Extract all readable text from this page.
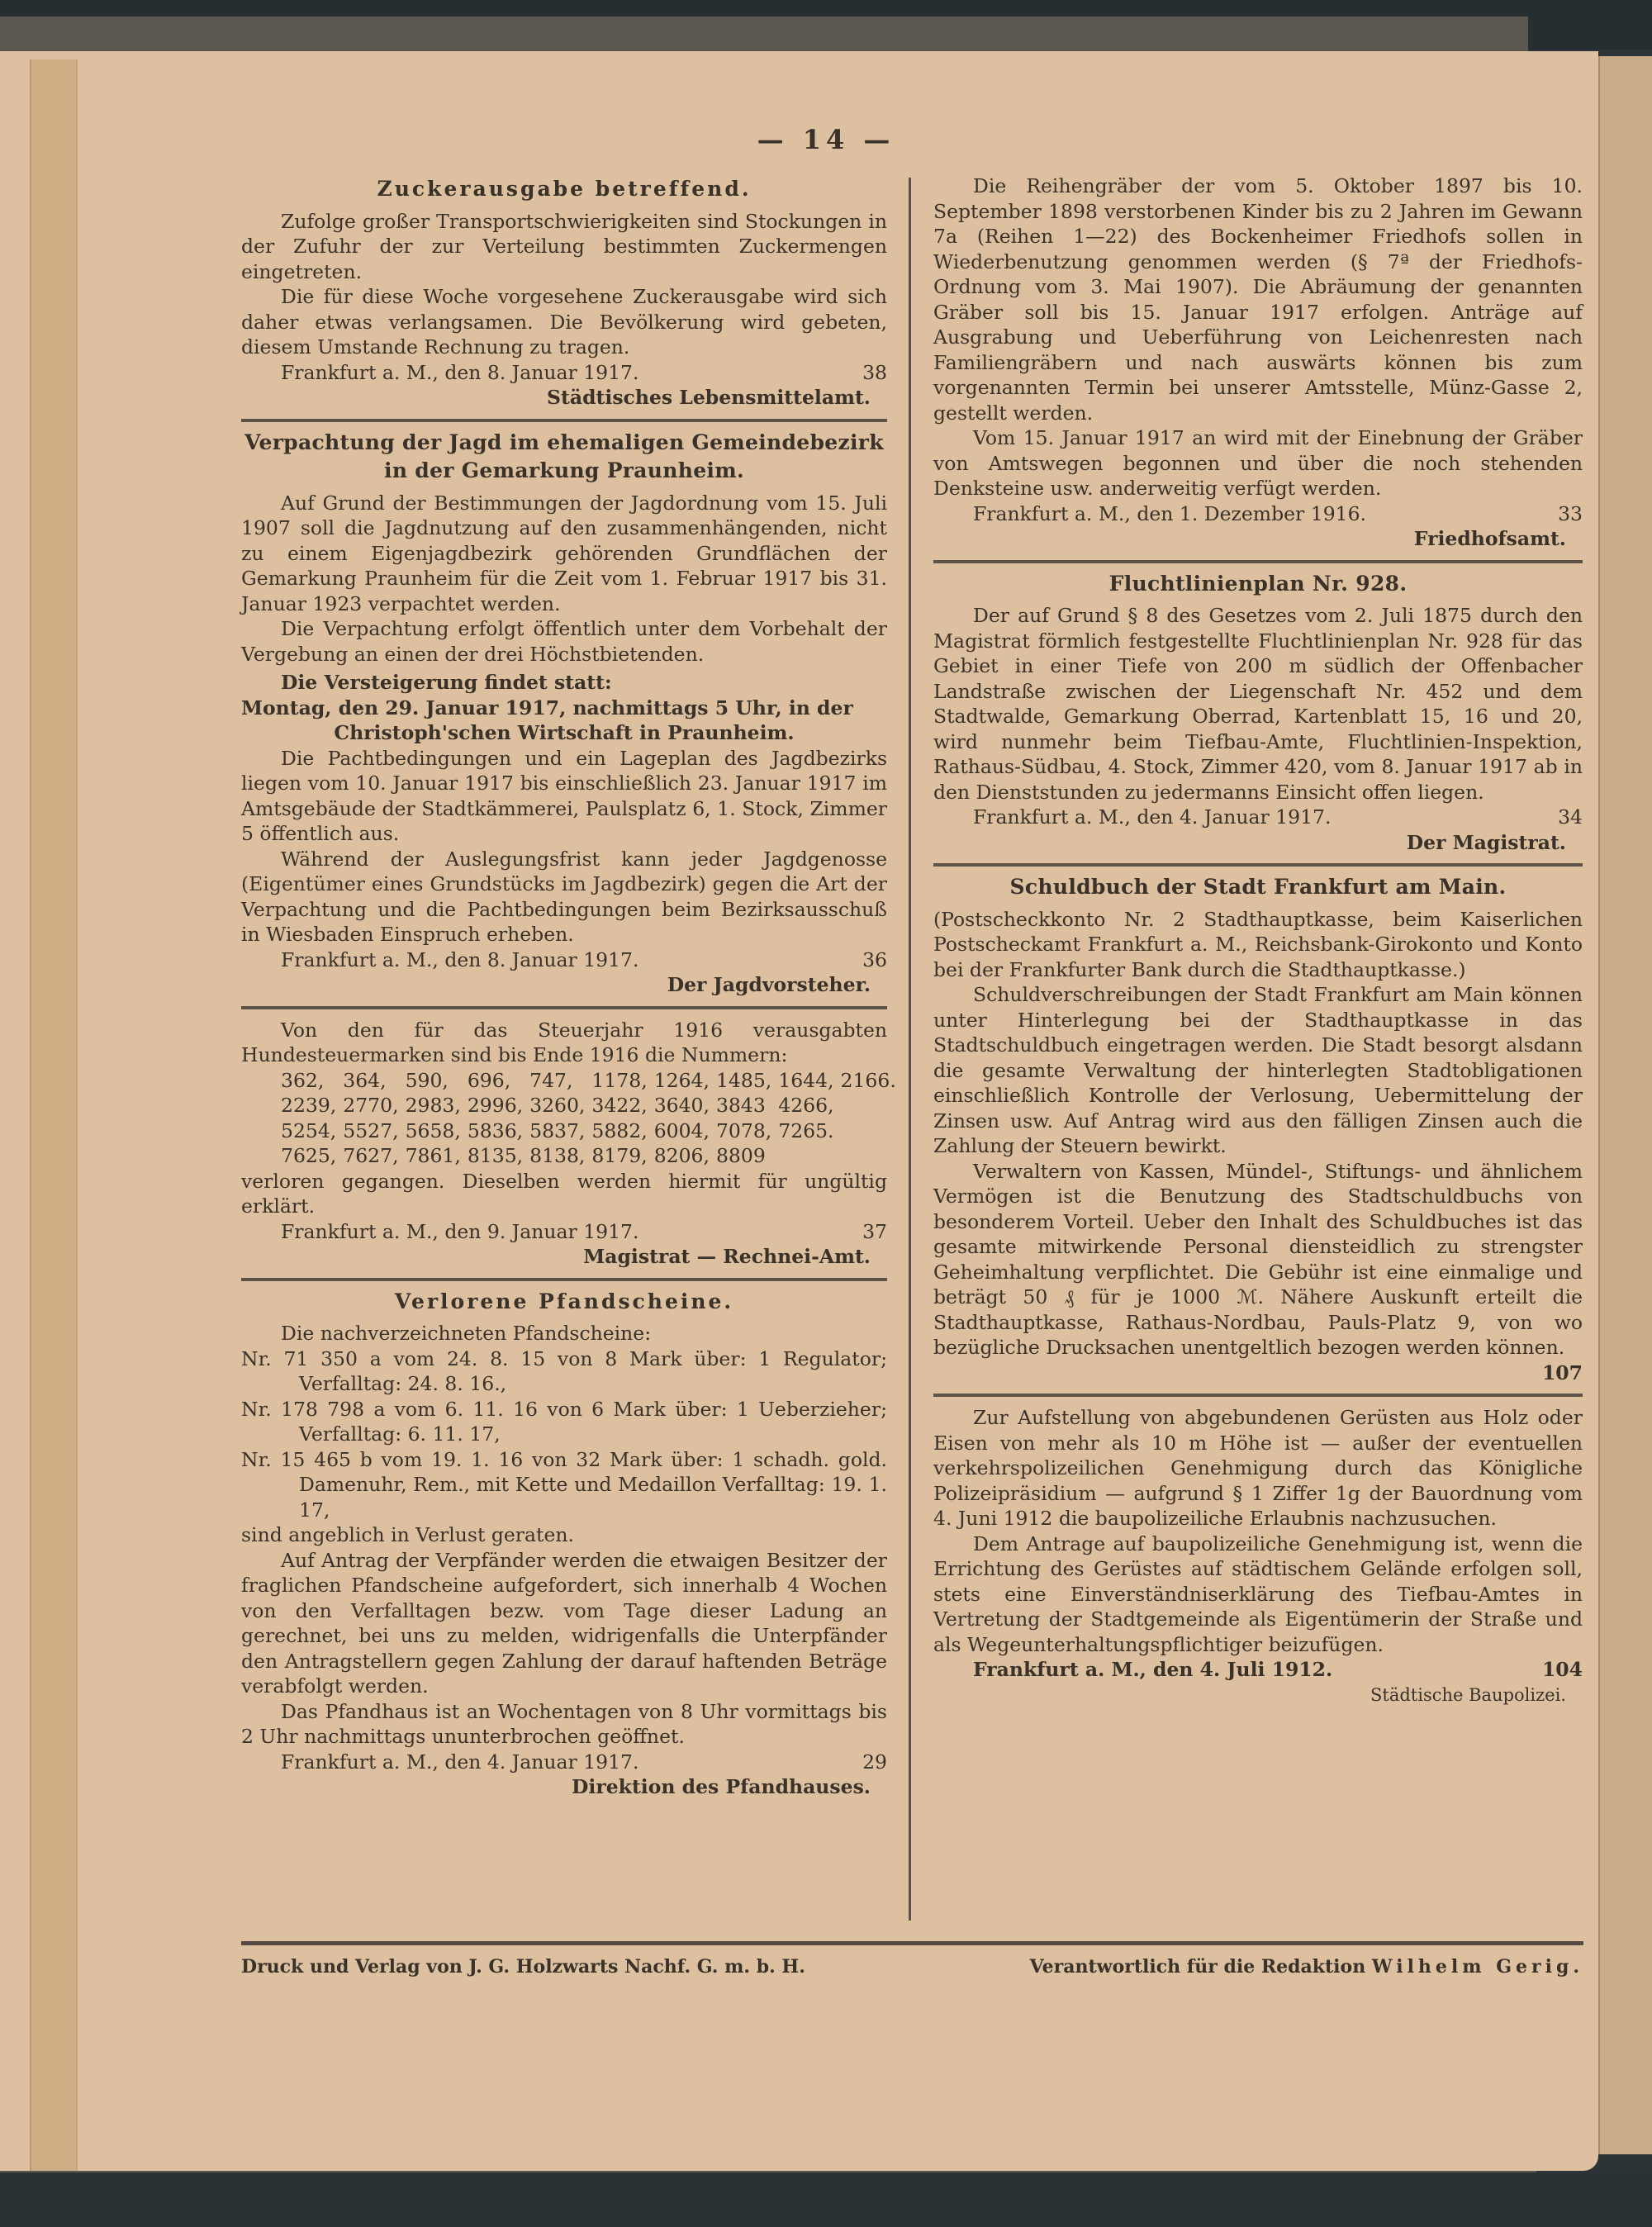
— 14 —
Zuckerausgabe betreffend.

Zufolge großer Transportschwierigkeiten sind Stockungen in der Zufuhr der zur Verteilung bestimmten Zuckermengen eingetreten.

Die für diese Woche vorgesehene Zuckerausgabe wird sich daher etwas verlangsamen. Die Bevölkerung wird gebeten, diesem Umstande Rechnung zu tragen.

Frankfurt a. M., den 8. Januar 1917.	38
Städtisches Lebensmittelamt.
Verpachtung der Jagd im ehemaligen Gemeindebezirk
in der Gemarkung Praunheim.

Auf Grund der Bestimmungen der Jagdordnung vom 15. Juli 1907 soll die Jagdnutzung auf den zusammenhängenden, nicht zu einem Eigenjagdbezirk gehörenden Grundflächen der Gemarkung Praunheim für die Zeit vom 1. Februar 1917 bis 31. Januar 1923 verpachtet werden.

Die Verpachtung erfolgt öffentlich unter dem Vorbehalt der Vergebung an einen der drei Höchstbietenden.

Die Versteigerung findet statt:

Montag, den 29. Januar 1917, nachmittags 5 Uhr, in der

Christoph'schen Wirtschaft in Praunheim.

Die Pachtbedingungen und ein Lageplan des Jagdbezirks liegen vom 10. Januar 1917 bis einschließlich 23. Januar 1917 im Amtsgebäude der Stadtkämmerei, Paulsplatz 6, 1. Stock, Zimmer 5 öffentlich aus.

Während der Auslegungsfrist kann jeder Jagdgenosse (Eigentümer eines Grundstücks im Jagdbezirk) gegen die Art der Verpachtung und die Pachtbedingungen beim Bezirksausschuß in Wiesbaden Einspruch erheben.

Frankfurt a. M., den 8. Januar 1917.	36
Der Jagdvorsteher.

Von den für das Steuerjahr 1916 verausgabten Hundesteuermarken sind bis Ende 1916 die Nummern:

362, 364, 590, 696, 747, 1178, 1264, 1485, 1644, 2166.
2239, 2770, 2983, 2996, 3260, 3422, 3640, 3843 4266,
5254, 5527, 5658, 5836, 5837, 5882, 6004, 7078, 7265.
7625, 7627, 7861, 8135, 8138, 8179, 8206, 8809

verloren gegangen. Dieselben werden hiermit für ungültig erklärt.

Frankfurt a. M., den 9. Januar 1917.	37
Magistrat — Rechnei-Amt.
Verlorene Pfandscheine.

Die nachverzeichneten Pfandscheine:

Nr. 71 350 a vom 24. 8. 15 von 8 Mark über: 1 Regulator; Verfalltag: 24. 8. 16.,

Nr. 178 798 a vom 6. 11. 16 von 6 Mark über: 1 Ueberzieher; Verfalltag: 6. 11. 17,

Nr. 15 465 b vom 19. 1. 16 von 32 Mark über: 1 schadh. gold. Damenuhr, Rem., mit Kette und Medaillon Verfalltag: 19. 1. 17,

sind angeblich in Verlust geraten.

Auf Antrag der Verpfänder werden die etwaigen Besitzer der fraglichen Pfandscheine aufgefordert, sich innerhalb 4 Wochen von den Verfalltagen bezw. vom Tage dieser Ladung an gerechnet, bei uns zu melden, widrigenfalls die Unterpfänder den Antragstellern gegen Zahlung der darauf haftenden Beträge verabfolgt werden.

Das Pfandhaus ist an Wochentagen von 8 Uhr vormittags bis 2 Uhr nachmittags ununterbrochen geöffnet.

Frankfurt a. M., den 4. Januar 1917.	29
Direktion des Pfandhauses.

Die Reihengräber der vom 5. Oktober 1897 bis 10. September 1898 verstorbenen Kinder bis zu 2 Jahren im Gewann 7a (Reihen 1—22) des Bockenheimer Friedhofs sollen in Wiederbenutzung genommen werden (§ 7ª der Friedhofs-Ordnung vom 3. Mai 1907). Die Abräumung der genannten Gräber soll bis 15. Januar 1917 erfolgen. Anträge auf Ausgrabung und Ueberführung von Leichenresten nach Familiengräbern und nach auswärts können bis zum vorgenannten Termin bei unserer Amtsstelle, Münz-Gasse 2, gestellt werden.

Vom 15. Januar 1917 an wird mit der Einebnung der Gräber von Amtswegen begonnen und über die noch stehenden Denksteine usw. anderweitig verfügt werden.

Frankfurt a. M., den 1. Dezember 1916.	33
Friedhofsamt.
Fluchtlinienplan Nr. 928.

Der auf Grund § 8 des Gesetzes vom 2. Juli 1875 durch den Magistrat förmlich festgestellte Fluchtlinienplan Nr. 928 für das Gebiet in einer Tiefe von 200 m südlich der Offenbacher Landstraße zwischen der Liegenschaft Nr. 452 und dem Stadtwalde, Gemarkung Oberrad, Kartenblatt 15, 16 und 20, wird nunmehr beim Tiefbau-Amte, Fluchtlinien-Inspektion, Rathaus-Südbau, 4. Stock, Zimmer 420, vom 8. Januar 1917 ab in den Dienststunden zu jedermanns Einsicht offen liegen.

Frankfurt a. M., den 4. Januar 1917.	34
Der Magistrat.
Schuldbuch der Stadt Frankfurt am Main.

(Postscheckkonto Nr. 2 Stadthauptkasse, beim Kaiserlichen Postscheckamt Frankfurt a. M., Reichsbank-Girokonto und Konto bei der Frankfurter Bank durch die Stadthauptkasse.)

Schuldverschreibungen der Stadt Frankfurt am Main können unter Hinterlegung bei der Stadthauptkasse in das Stadtschuldbuch eingetragen werden. Die Stadt besorgt alsdann die gesamte Verwaltung der hinterlegten Stadtobligationen einschließlich Kontrolle der Verlosung, Uebermittelung der Zinsen usw. Auf Antrag wird aus den fälligen Zinsen auch die Zahlung der Steuern bewirkt.

Verwaltern von Kassen, Mündel-, Stiftungs- und ähnlichem Vermögen ist die Benutzung des Stadtschuldbuchs von besonderem Vorteil. Ueber den Inhalt des Schuldbuches ist das gesamte mitwirkende Personal diensteidlich zu strengster Geheimhaltung verpflichtet. Die Gebühr ist eine einmalige und beträgt 50 ₰ für je 1000 ℳ. Nähere Auskunft erteilt die Stadthauptkasse, Rathaus-Nordbau, Pauls-Platz 9, von wo bezügliche Drucksachen unentgeltlich bezogen werden können.

107

Zur Aufstellung von abgebundenen Gerüsten aus Holz oder Eisen von mehr als 10 m Höhe ist — außer der eventuellen verkehrspolizeilichen Genehmigung durch das Königliche Polizeipräsidium — aufgrund § 1 Ziffer 1g der Bauordnung vom 4. Juni 1912 die baupolizeiliche Erlaubnis nachzusuchen.

Dem Antrage auf baupolizeiliche Genehmigung ist, wenn die Errichtung des Gerüstes auf städtischem Gelände erfolgen soll, stets eine Einverständniserklärung des Tiefbau-Amtes in Vertretung der Stadtgemeinde als Eigentümerin der Straße und als Wegeunterhaltungspflichtiger beizufügen.

Frankfurt a. M., den 4. Juli 1912.	104
Städtische Baupolizei.
Druck und Verlag von J. G. Holzwarts Nachf. G. m. b. H.	Verantwortlich für die Redaktion Wilhelm Gerig.
